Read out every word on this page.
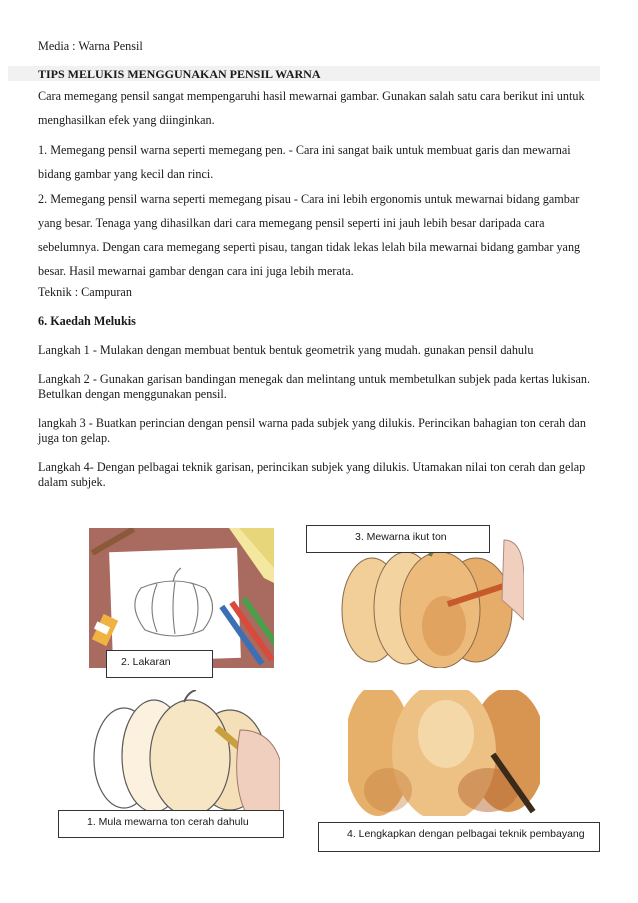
Media : Warna Pensil
TIPS MELUKIS MENGGUNAKAN PENSIL WARNA
Cara memegang pensil sangat mempengaruhi hasil mewarnai gambar. Gunakan salah satu cara berikut ini untuk menghasilkan efek yang diinginkan.
1. Memegang pensil warna seperti memegang pen. - Cara ini sangat baik untuk membuat garis dan mewarnai bidang gambar yang kecil dan rinci.
2. Memegang pensil warna seperti memegang pisau - Cara ini lebih ergonomis untuk mewarnai bidang gambar yang besar. Tenaga yang dihasilkan dari cara memegang pensil seperti ini jauh lebih besar daripada cara sebelumnya. Dengan cara memegang seperti pisau, tangan tidak lekas lelah bila mewarnai bidang gambar yang besar. Hasil mewarnai gambar dengan cara ini juga lebih merata.
Teknik : Campuran
6. Kaedah Melukis
Langkah 1 - Mulakan dengan membuat bentuk bentuk geometrik yang mudah. gunakan pensil dahulu
Langkah 2 - Gunakan garisan bandingan menegak dan melintang untuk membetulkan subjek pada kertas lukisan. Betulkan dengan menggunakan pensil.
langkah 3 - Buatkan perincian dengan pensil warna pada subjek yang dilukis. Perincikan bahagian ton cerah dan juga ton gelap.
Langkah 4- Dengan pelbagai teknik garisan, perincikan subjek yang dilukis. Utamakan nilai ton cerah dan gelap dalam subjek.
2. Lakaran
3. Mewarna ikut ton
1. Mula mewarna ton cerah dahulu
4. Lengkapkan dengan pelbagai teknik pembayang
